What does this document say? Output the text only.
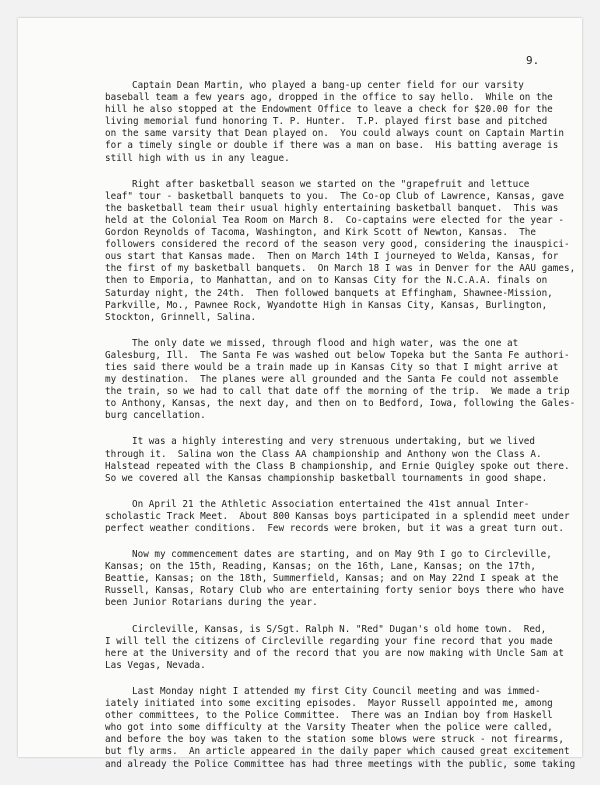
9.
Captain Dean Martin, who played a bang-up center field for our varsity
baseball team a few years ago, dropped in the office to say hello.  While on the
hill he also stopped at the Endowment Office to leave a check for $20.00 for the
living memorial fund honoring T. P. Hunter.  T.P. played first base and pitched
on the same varsity that Dean played on.  You could always count on Captain Martin
for a timely single or double if there was a man on base.  His batting average is
still high with us in any league.
Right after basketball season we started on the "grapefruit and lettuce
leaf" tour - basketball banquets to you.  The Co-op Club of Lawrence, Kansas, gave
the basketball team their usual highly entertaining basketball banquet.  This was
held at the Colonial Tea Room on March 8.  Co-captains were elected for the year -
Gordon Reynolds of Tacoma, Washington, and Kirk Scott of Newton, Kansas.  The
followers considered the record of the season very good, considering the inauspici-
ous start that Kansas made.  Then on March 14th I journeyed to Welda, Kansas, for
the first of my basketball banquets.  On March 18 I was in Denver for the AAU games,
then to Emporia, to Manhattan, and on to Kansas City for the N.C.A.A. finals on
Saturday night, the 24th.  Then followed banquets at Effingham, Shawnee-Mission,
Parkville, Mo., Pawnee Rock, Wyandotte High in Kansas City, Kansas, Burlington,
Stockton, Grinnell, Salina.
The only date we missed, through flood and high water, was the one at
Galesburg, Ill.  The Santa Fe was washed out below Topeka but the Santa Fe authori-
ties said there would be a train made up in Kansas City so that I might arrive at
my destination.  The planes were all grounded and the Santa Fe could not assemble
the train, so we had to call that date off the morning of the trip.  We made a trip
to Anthony, Kansas, the next day, and then on to Bedford, Iowa, following the Gales-
burg cancellation.
It was a highly interesting and very strenuous undertaking, but we lived
through it.  Salina won the Class AA championship and Anthony won the Class A.
Halstead repeated with the Class B championship, and Ernie Quigley spoke out there.
So we covered all the Kansas championship basketball tournaments in good shape.
On April 21 the Athletic Association entertained the 41st annual Inter-
scholastic Track Meet.  About 800 Kansas boys participated in a splendid meet under
perfect weather conditions.  Few records were broken, but it was a great turn out.
Now my commencement dates are starting, and on May 9th I go to Circleville,
Kansas; on the 15th, Reading, Kansas; on the 16th, Lane, Kansas; on the 17th,
Beattie, Kansas; on the 18th, Summerfield, Kansas; and on May 22nd I speak at the
Russell, Kansas, Rotary Club who are entertaining forty senior boys there who have
been Junior Rotarians during the year.
Circleville, Kansas, is S/Sgt. Ralph N. "Red" Dugan's old home town.  Red,
I will tell the citizens of Circleville regarding your fine record that you made
here at the University and of the record that you are now making with Uncle Sam at
Las Vegas, Nevada.
Last Monday night I attended my first City Council meeting and was immed-
iately initiated into some exciting episodes.  Mayor Russell appointed me, among
other committees, to the Police Committee.  There was an Indian boy from Haskell
who got into some difficulty at the Varsity Theater when the police were called,
and before the boy was taken to the station some blows were struck - not firearms,
but fly arms.  An article appeared in the daily paper which caused great excitement
and already the Police Committee has had three meetings with the public, some taking
